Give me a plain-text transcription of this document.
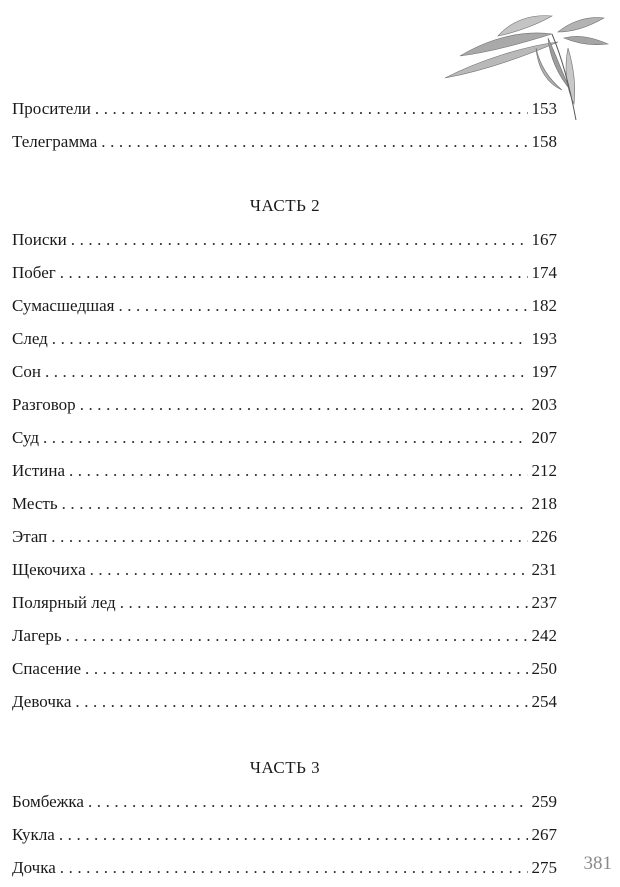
Просители . . .	153
Телеграмма . . .	158
ЧАСТЬ 2
Поиски . . .	167
Побег . . .	174
Сумасшедшая . . .	182
След . . .	193
Сон . . .	197
Разговор . . .	203
Суд . . .	207
Истина . . .	212
Месть . . .	218
Этап . . .	226
Щекочиха . . .	231
Полярный лед . . .	237
Лагерь . . .	242
Спасение . . .	250
Девочка . . .	254
ЧАСТЬ 3
Бомбежка . . .	259
Кукла . . .	267
Дочка . . .	275 381
